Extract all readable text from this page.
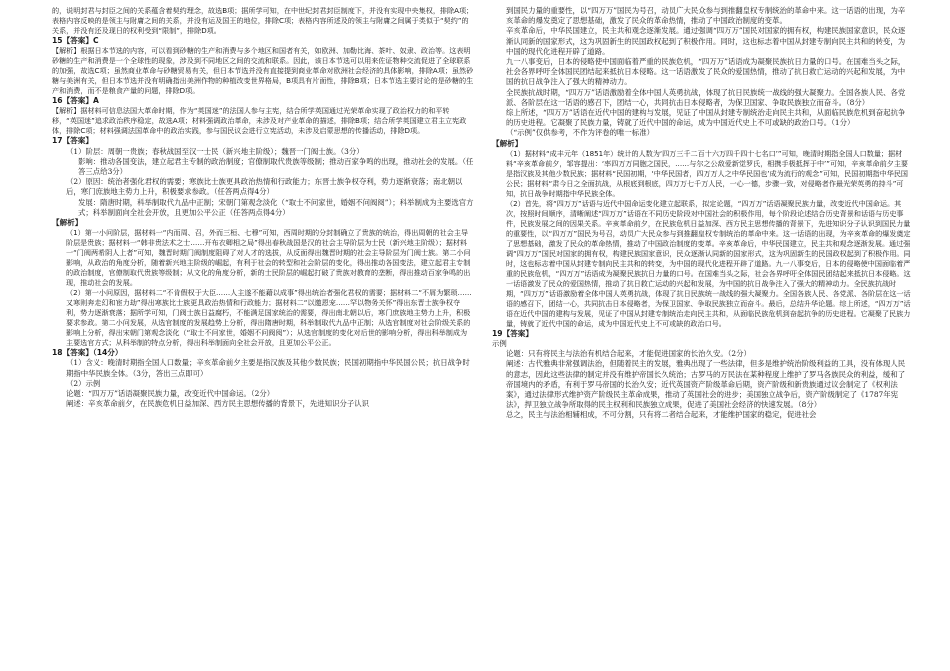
的，说明封君与封臣之间的关系蕴含着契约理念，故选B项；据所学可知，在中世纪封君封臣制度下，并没有实现中央集权，排除A项；表格内容反映的是领主与附庸之间的关系，并没有运及国王的地位，排除C项；表格内容所述及的领主与附庸之间属于类似于“契约”的关系，并没有还及现日的权利受到“限制”，排除D项。

15【答案】C

【解析】根据日本节选的内容，可以看到砂糖的生产和消费与多个地区和国者有关，如欧洲、加勒比海、茶叶、奴隶、政治等。这表明砂糖的生产和消费是一个全球性的现象，涉及到不同地区之间的交流和联系。因此，该日本节选可以用来佐证物种交流促进了全球联系的加强，故选C项；虽然商业革命与砂糖贸易有关，但日本节选并没有直接提到商业革命对欧洲社会经济的具体影响，排除A项；虽然砂糖与美洲有关，但日本节选并没有明确指出美洲作物的种植改变世界格局，B项具有片面性，排除B项；日本节选主要讨论的是砂糖的生产和消费，而不是粮食产量的问题，排除D项。

16【答案】A

【解析】据材料可信息法国大革命时期，作为“英国迷”的法国人参与主宪，结合所学英国通过光荣革命实现了政治权力的和平转移，“英国迷”追求政治秩序稳定，故选A项；材料强调政治革命，未涉及对产业革命的描述，排除B项；结合所学英国建立君主立宪政体，排除C项；材料强调法国革命中的政治实践，参与国民议会进行立宪活动，未涉及启蒙思想的传播活动，排除D项。

17【答案】

（1）阶层：周朝一贵族；春秋战国至汉一士民（新兴地主阶级）；魏晋一门阀士族。（3分）

影响：推动各国变法，建立起君主专制的政治制度；官僚制取代贵族等级制；推动百家争鸣的出现，推动社会的发展。（任答三点给3分）

（2）原因：统治者强化君权的需要；寒族比士族更具政治热情和行政能力；东晋士族争权夺利，势力逐渐衰落；南北朝以后，寒门庶族地主势力上升，积极要求参政。（任答两点得4分）

发展：隋唐时期，科举制取代九品中正制；宋朝门第观念淡化（“取士不问家世，婚姻不问阀阅”）；科举制成为主要选官方式；科举制面向全社会开放，且更加公平公正（任答两点得4分）

【解析】

（1）第一小问阶层，据材料一“内而周、召，外而三桓、七穆”可知，西周时期的分封制确立了贵族的统治，得出周朝的社会主导阶层是贵族；据材料一“韩非贵法术之士……开布衣卿相之局”得出春秋战国是汉的社会主导阶层为士民（新兴地主阶级）；据材料一“门阀两希阴人上者”可知，魏晋时期门阀制度阻碍了对人才的选拔，从反面得出魏晋时期的社会主导阶层为门阀士族。第二小问影响，从政治的角度分析，随着新兴地主阶级的崛起，有利于社会的转型和社会阶层的变化，得出推动各国变法，建立起君主专制的政治制度，官僚制取代贵族等级制；从文化的角度分析，新的士民阶层的崛起打破了贵族对教育的垄断，得出推动百家争鸣的出现，推动社会的发展。

（2）第一小问原因，据材料二“不肯假权于大臣……人主遂不能藉以成事”得出统治者强化君权的需要；据材料二“不屑为繁琐……又寒则奔走幻和宦力劫”得出寒族比士族更具政治热情和行政能力；据材料二“以邀恩宠……罕以物务关怀”得出东晋士族争权夺利，势力逐渐衰落；据所学可知，门阀士族日益腐朽，不能满足国家统治的需要，得出南北朝以后，寒门庶族地主势力上升，积极要求参政。第二小问发展，从选官制度的发展趋势上分析，得出隋唐时期，科举制取代九品中正制；从选官制度对社会阶级关系的影响上分析，得出宋朝门第观念淡化（“取士不问家世，婚姻不问阀阅”）；从选官制度的变化对后世的影响分析，得出科举制成为主要选官方式；从科举制的特点分析，得出科举制面向全社会开放，且更加公平公正。

18【答案】（14分）

（1）含义：晚清时期指全国人口数量；辛亥革命前夕主要是指汉族及其他少数民族；民国初期指中华民国公民；抗日战争时期指中华民族全体。（3分，答出三点即可）

（2）示例

论题：“四万万”话语凝聚民族力量，改变近代中国命运。（2分）

阐述：辛亥革命前夕，在民族危机日益加深、西方民主思想传播的背景下，先进知识分子认识

到国民力量的重要性，以“四万万”国民为号召，动员广大民众参与到推翻皇权专制统治的革命中来。这一话语的出现，为辛亥革命的爆发奠定了思想基础，激发了民众的革命热情，推动了中国政治制度的变革。

辛亥革命后，中华民国建立，民主共和观念逐渐发展。通过强调“四万万”国民对国家的拥有权，构建民族国家意识，民众逐渐认同新的国家形式，这为巩固新生的民国政权起到了积极作用。同时，这也标志着中国从封建专制向民主共和的转变，为中国的现代化进程开辟了道路。

九一八事变后，日本的侵略使中国面临着严重的民族危机，“四万万”话语成为凝聚民族抗日力量的口号。在国难当头之际，社会各界呼吁全体国民团结起来抵抗日本侵略。这一话语激发了民众的爱国热情，推动了抗日救亡运动的兴起和发展，为中国的抗日战争注入了强大的精神动力。

全民族抗战时期，“四万万”话语激励着全体中国人英勇抗战，体现了抗日民族统一战线的强大凝聚力。全国各族人民、各党派、各阶层在这一话语的感召下，团结一心，共同抗击日本侵略者，为保卫国家、争取民族独立而奋斗。（8分）

综上所述，“四万万”话语在近代中国的建构与发展，见证了中国从封建专制统治走向民主共和，从面临民族危机到奋起抗争的历史进程。它凝聚了民族力量，铸就了近代中国的命运，成为中国近代史上不可或缺的政治口号。（1分）

（“示例”仅供参考，不作为评卷的唯一标准）

【解析】

（1）据材料“成丰元年（1851年）统计的人数为‘四万三千二百十六万四千四十七名口’”可知，晚清时期指全国人口数量；据材料“辛亥革命前夕，邹容提出：‘率四万万同胞之国民，……与尔之公敌爱新觉罗氏，相携手极抵挥于中’”可知，辛亥革命前夕主要是指汉族及其他少数民族；据材料“民国初期，‘中华民国者，四万万人之中华民国也’成为流行的观念”可知，民国初期指中华民国公民；据材料“肃今日之全面抗战，从根底到根底，四万万七千万人民，一心一德，步骤一致，对侵略者作最光荣英勇的持斗”可知，抗日战争时期指中华民族全体。

（2）首先，将“四万万”话语与近代中国命运变化建立起联系，拟定论题，“四万万”话语凝聚民族力量，改变近代中国命运。其次，按照时间顺序，清晰阐述“四万万”话语在不同历史阶段对中国社会的积极作用，每个阶段论述结合历史背景和话语与历史事件，民族发展之间的因果关系。辛亥革命前夕，在民族危机日益加深、西方民主思想传播的背景下，先进知识分子认识到国民力量的重要性，以“四万万”国民为号召，动员广大民众参与到推翻皇权专制统治的革命中来。这一话语的出现，为辛亥革命的爆发奠定了思想基础，激发了民众的革命热情，推动了中国政治制度的变革。辛亥革命后，中华民国建立，民主共和观念逐渐发展。通过强调“四万万”国民对国家的拥有权，构建民族国家意识，民众逐渐认同新的国家形式，这为巩固新生的民国政权起到了积极作用。同时，这也标志着中国从封建专制向民主共和的转变，为中国的现代化进程开辟了道路。九一八事变后，日本的侵略使中国面临着严重的民族危机，“四万万”话语成为凝聚民族抗日力量的口号。在国难当头之际，社会各界呼吁全体国民团结起来抵抗日本侵略。这一话语激发了民众的爱国热情，推动了抗日救亡运动的兴起和发展，为中国的抗日战争注入了强大的精神动力。全民族抗战时期，“四万万”话语激励着全体中国人英勇抗战，体现了抗日民族统一战线的强大凝聚力。全国各族人民、各党派、各阶层在这一话语的感召下，团结一心，共同抗击日本侵略者，为保卫国家、争取民族独立而奋斗。最后，总结升华论题。综上所述，“四万万”话语在近代中国的建构与发展，见证了中国从封建专制统治走向民主共和，从面临民族危机到奋起抗争的历史进程。它凝聚了民族力量，铸就了近代中国的命运，成为中国近代史上不可或缺的政治口号。

19【答案】

示例

论题：只有将民主与法治有机结合起来，才能促进国家的长治久安。（2分）

阐述：古代雅典非常强调法治，但随着民主的发展，雅典出现了一些法律，但多是维护统治阶级利益的工具，没有体现人民的意志，因此这些法律的制定并没有维护帝国长久统治；古罗马的万民法在某种程度上维护了罗马各族民众的利益，缓和了帝国境内的矛盾，有利于罗马帝国的长治久安；近代英国资产阶级革命后期，资产阶级和新贵族通过议会制定了《权利法案》，通过法律形式维护资产阶级民主革命成果，推动了英国社会的进步；美国独立战争后，资产阶级制定了《1787年宪法》，捍卫独立战争所取得的民主权利和民族独立成果，促进了美国社会经济的快速发展。（8分）

总之，民主与法治相辅相成，不可分割，只有将二者结合起来，才能维护国家的稳定，促进社会
